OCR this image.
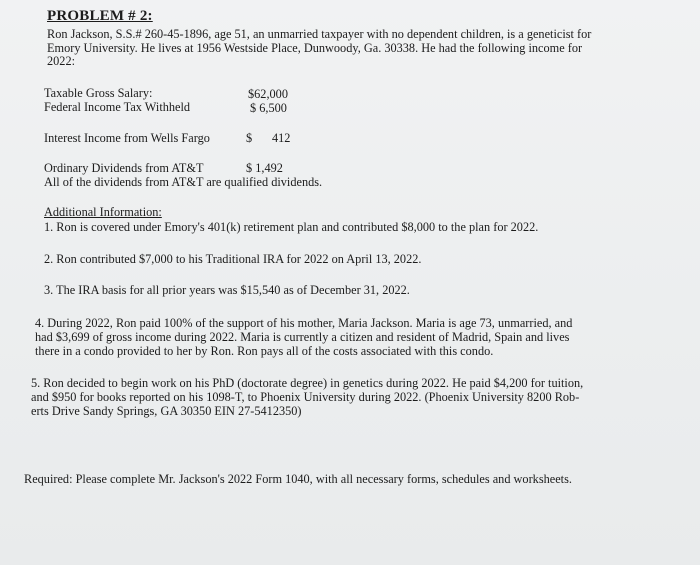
PROBLEM # 2:
Ron Jackson, S.S.# 260-45-1896, age 51, an unmarried taxpayer with no dependent children, is a geneticist for
Emory University. He lives at 1956 Westside Place, Dunwoody, Ga. 30338. He had the following income for
2022:
Taxable Gross Salary:	$62,000
Federal Income Tax Withheld	$ 6,500
Interest Income from Wells Fargo	$ 412
Ordinary Dividends from AT&T	$ 1,492
All of the dividends from AT&T are qualified dividends.
Additional Information:
1. Ron is covered under Emory's 401(k) retirement plan and contributed $8,000 to the plan for 2022.
2. Ron contributed $7,000 to his Traditional IRA for 2022 on April 13, 2022.
3. The IRA basis for all prior years was $15,540 as of December 31, 2022.
4. During 2022, Ron paid 100% of the support of his mother, Maria Jackson. Maria is age 73, unmarried, and
had $3,699 of gross income during 2022. Maria is currently a citizen and resident of Madrid, Spain and lives
there in a condo provided to her by Ron. Ron pays all of the costs associated with this condo.
5. Ron decided to begin work on his PhD (doctorate degree) in genetics during 2022. He paid $4,200 for tuition,
and $950 for books reported on his 1098-T, to Phoenix University during 2022. (Phoenix University 8200 Rob-
erts Drive Sandy Springs, GA 30350 EIN 27-5412350)
Required: Please complete Mr. Jackson's 2022 Form 1040, with all necessary forms, schedules and worksheets.
